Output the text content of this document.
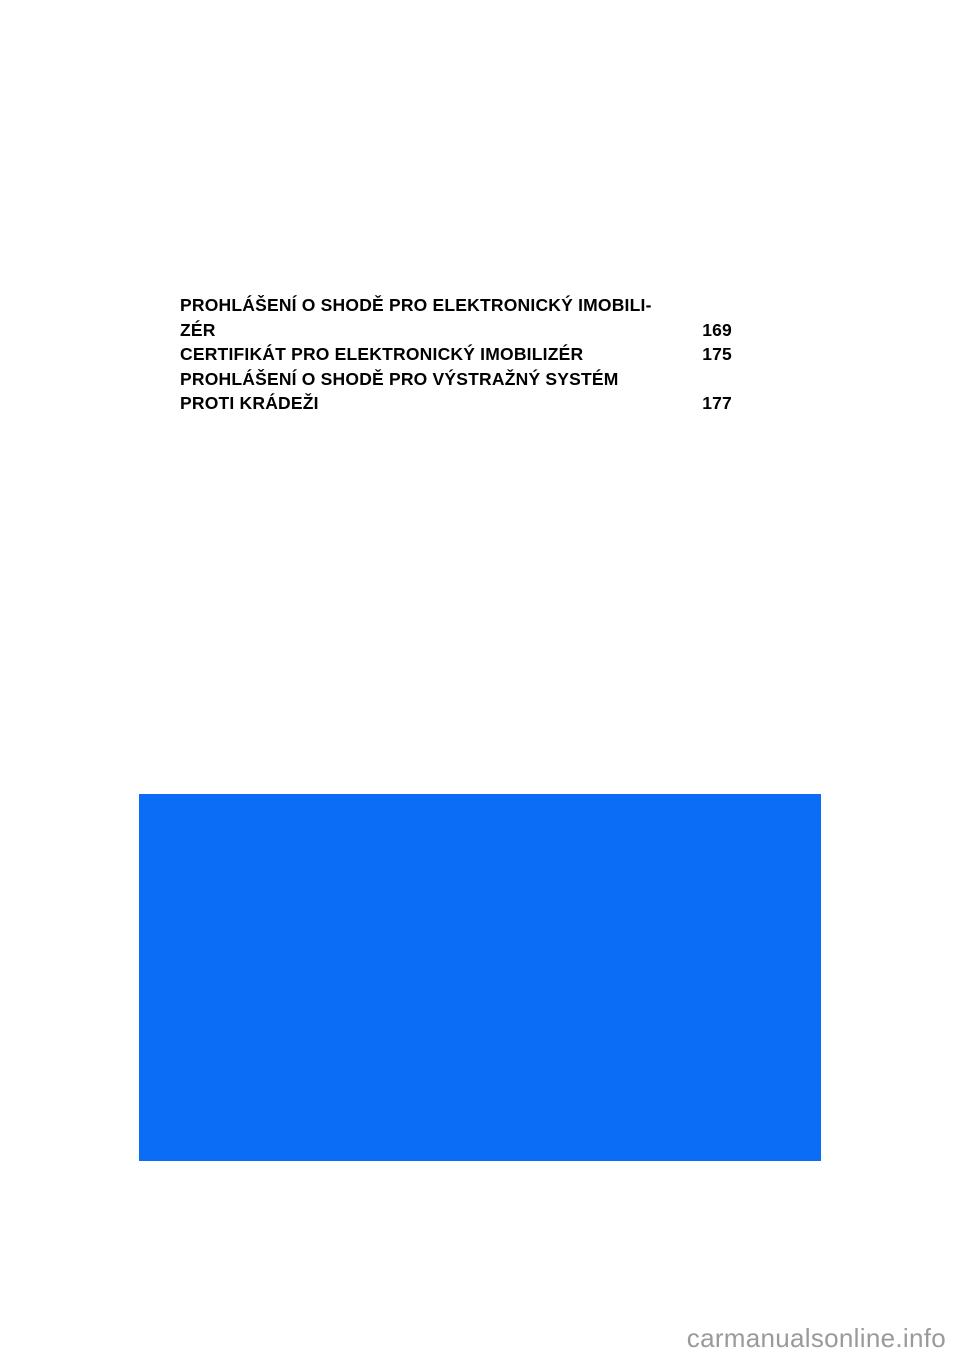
PROHLÁŠENÍ O SHODĚ PRO ELEKTRONICKÝ IMOBILI-
ZÉR	169
CERTIFIKÁT PRO ELEKTRONICKÝ IMOBILIZÉR	175
PROHLÁŠENÍ O SHODĚ PRO VÝSTRAŽNÝ SYSTÉM
PROTI KRÁDEŽI	177
carmanualsonline.info
